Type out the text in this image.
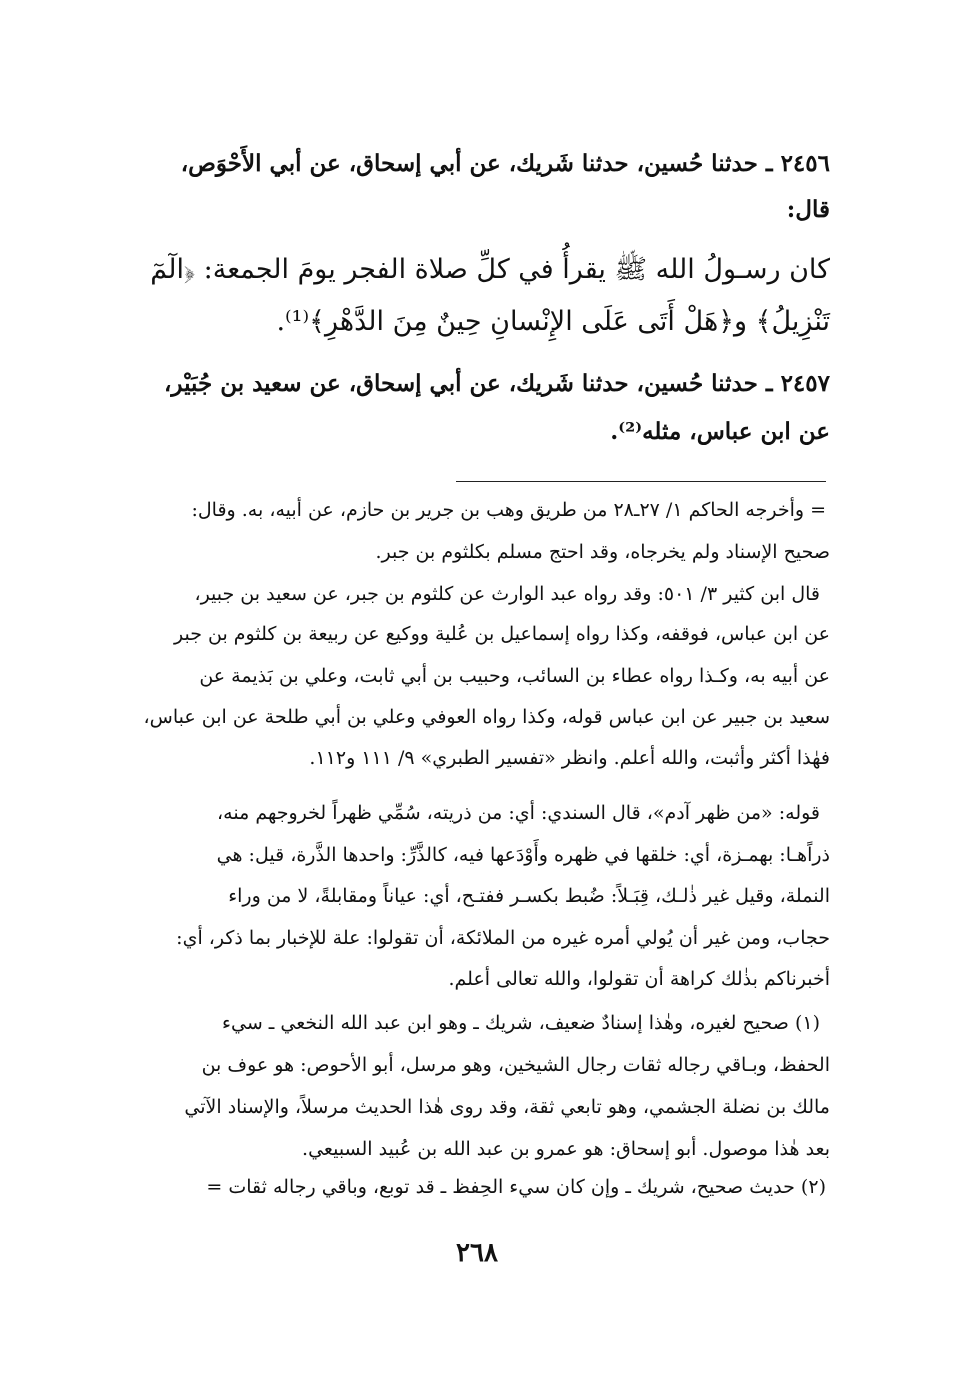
٢٤٥٦ ـ حدثنا حُسين، حدثنا شَريك، عن أبي إسحاق، عن أبي الأَحْوَص،
قال:
كان رسـولُ الله ﷺ يقرأُ في كلِّ صلاة الفجر يومَ الجمعة: ﴿الٓمٓ
تَنْزِيلُ﴾ و﴿هَلْ أَتَى عَلَى الإِنْسانِ حِينٌ مِنَ الدَّهْرِ﴾⁽¹⁾.
٢٤٥٧ ـ حدثنا حُسين، حدثنا شَريك، عن أبي إسحاق، عن سعيد بن جُبَيْر،
عن ابن عباس، مثله⁽²⁾.
= وأخرجه الحاكم ١/ ٢٧ـ٢٨ من طريق وهب بن جرير بن حازم، عن أبيه، به. وقال:
صحيح الإسناد ولم يخرجاه، وقد احتج مسلم بكلثوم بن جبر.
قال ابن كثير ٣/ ٥٠١: وقد رواه عبد الوارث عن كلثوم بن جبر، عن سعيد بن جبير،
عن ابن عباس، فوقفه، وكذا رواه إسماعيل بن عُلية ووكيع عن ربيعة بن كلثوم بن جبر
عن أبيه به، وكـذا رواه عطاء بن السائب، وحبيب بن أبي ثابت، وعلي بن بَذيمة عن
سعيد بن جبير عن ابن عباس قوله، وكذا رواه العوفي وعلي بن أبي طلحة عن ابن عباس،
فهٰذا أكثر وأثبت، والله أعلم. وانظر «تفسير الطبري» ٩/ ١١١ و١١٢.
قوله: «من ظهر آدم»، قال السندي: أي: من ذريته، سُمِّي ظهراً لخروجهم منه،
ذراًهـا: بهمـزة، أي: خلقها في ظهره وأَوْدَعها فيه، كالذَّرِّ: واحدها الذَّرة، قيل: هي
النملة، وقيل غير ذٰلـك، قِبَـلاً: ضُبط بكسـر ففتـح، أي: عياناً ومقابلةً، لا من وراء
حجاب، ومن غير أن يُولي أمره غيره من الملائكة، أن تقولوا: علة للإخبار بما ذكر، أي:
أخبرناكم بذٰلك كراهة أن تقولوا، والله تعالى أعلم.
(١) صحيح لغيره، وهٰذا إسنادٌ ضعيف، شريك ـ وهو ابن عبد الله النخعي ـ سيء
الحفظ، وبـاقي رجاله ثقات رجال الشيخين، وهو مرسل، أبو الأحوص: هو عوف بن
مالك بن نضلة الجشمي، وهو تابعي ثقة، وقد روى هٰذا الحديث مرسلاً، والإسناد الآتي
بعد هٰذا موصول. أبو إسحاق: هو عمرو بن عبد الله بن عُبيد السبيعي.
(٢) حديث صحيح، شريك ـ وإن كان سيء الحِفظ ـ قد توبع، وباقي رجاله ثقات =
٢٦٨
